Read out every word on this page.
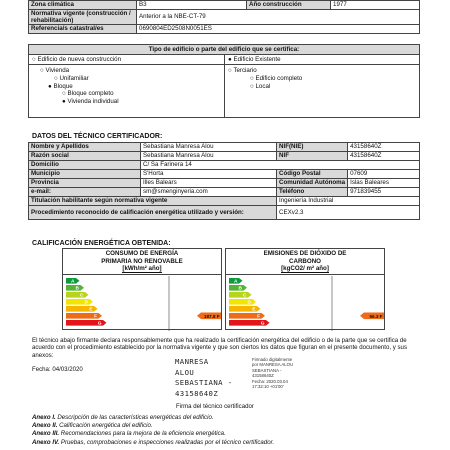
Zona climática	B3	Año construcción	1977
Normativa vigente (construcción / rehabilitación)	Anterior a la NBE-CT-79		
Referencia/s catastral/es	0690804ED2508N0051ES		
Tipo de edificio o parte del edificio que se certifica:
○ Edificio de nueva construcción	● Edificio Existente
○ Vivienda
○ Unifamiliar
● Bloque
○ Bloque completo
● Vivienda individual
○ Terciario
○ Edificio completo
○ Local
DATOS DEL TÉCNICO CERTIFICADOR:
Nombre y Apellidos	Sebastiana Manresa Alou	NIF(NIE)	43158640Z
Razón social	Sebastiana Manresa Alou	NIF	43158640Z
Domicilio	C/ Sa Farinera 14		
Municipio	S'Horta	Código Postal	07609
Provincia	Illes Balears	Comunidad Autónoma	Islas Baleares
e-mail:	sm@smenginyeria.com	Teléfono	971839455
Titulación habilitante según normativa vigente		Ingeniería Industrial	
Procedimiento reconocido de calificación energética utilizado y versión:		CEXv2.3	
CALIFICACIÓN ENERGÉTICA OBTENIDA:
CONSUMO DE ENERGÍA
PRIMARIA NO RENOVABLE
[kWh/m² año]
A
B
C
D
E
F
G
187.8 F
EMISIONES DE DIÓXIDO DE
CARBONO
[kgCO2/ m² año]
A
B
C
D
E
F
G
56.3 F
El técnico abajo firmante declara responsablemente que ha realizado la certificación energética del edificio o de la parte que se certifica de acuerdo con el procedimiento establecido por la normativa vigente y que son ciertos los datos que figuran en el presente documento, y sus anexos:
Fecha: 04/03/2020
MANRESA
ALOU
SEBASTIANA -
43158640Z
Firmado digitalmente
por MANRESA ALOU
SEBASTIANA -
43158640Z
Fecha: 2020.03.04
17:32:10 +01'00'
Firma del técnico certificador
Anexo I. Descripción de las características energéticas del edificio.
Anexo II. Calificación energética del edificio.
Anexo III. Recomendaciones para la mejora de la eficiencia energética.
Anexo IV. Pruebas, comprobaciones e inspecciones realizadas por el técnico certificador.
